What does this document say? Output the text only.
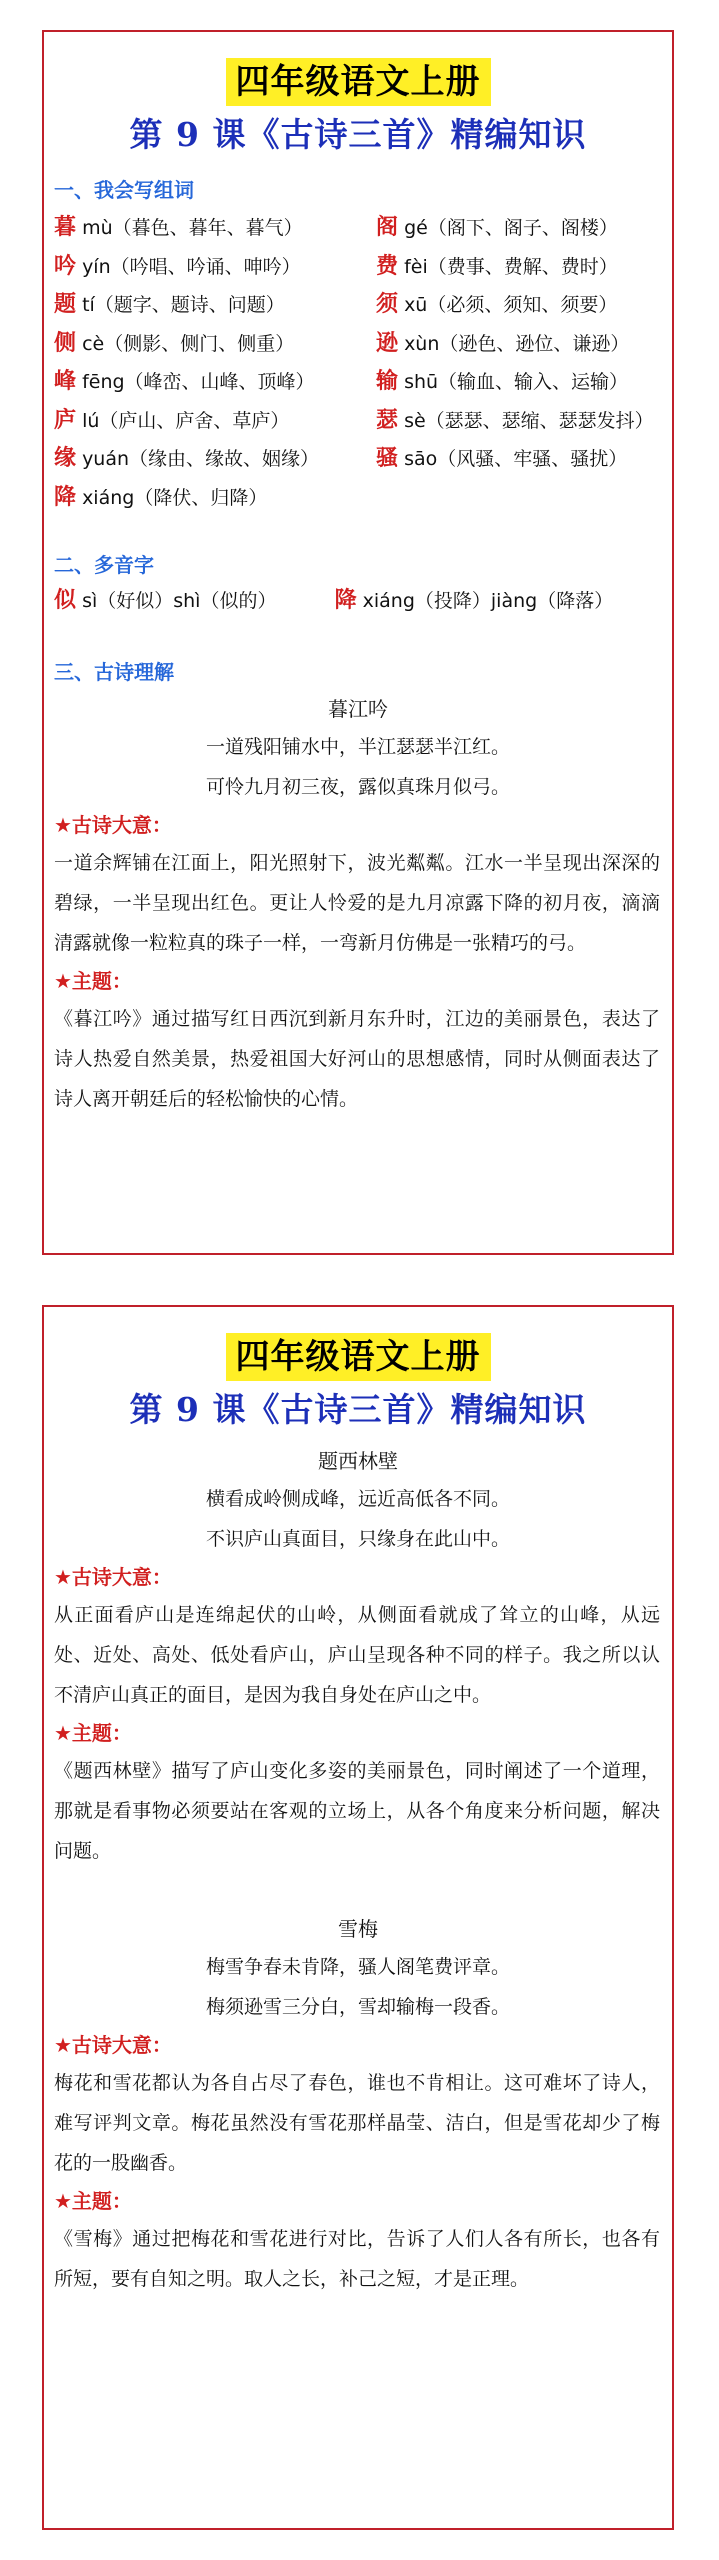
四年级语文上册
第 9 课《古诗三首》精编知识
一、我会写组词
暮 mù（暮色、暮年、暮气）
吟 yín（吟唱、吟诵、呻吟）
题 tí（题字、题诗、问题）
侧 cè（侧影、侧门、侧重）
峰 fēng（峰峦、山峰、顶峰）
庐 lú（庐山、庐舍、草庐）
缘 yuán（缘由、缘故、姻缘）
降 xiáng（降伏、归降）
阁 gé（阁下、阁子、阁楼）
费 fèi（费事、费解、费时）
须 xū（必须、须知、须要）
逊 xùn（逊色、逊位、谦逊）
输 shū（输血、输入、运输）
瑟 sè（瑟瑟、瑟缩、瑟瑟发抖）
骚 sāo（风骚、牢骚、骚扰）
二、多音字
似 sì（好似）shì（似的）	降 xiáng（投降）jiàng（降落）
三、古诗理解
暮江吟
一道残阳铺水中，半江瑟瑟半江红。
可怜九月初三夜，露似真珠月似弓。
★古诗大意：
一道余辉铺在江面上，阳光照射下，波光粼粼。江水一半呈现出深深的碧绿，一半呈现出红色。更让人怜爱的是九月凉露下降的初月夜，滴滴清露就像一粒粒真的珠子一样，一弯新月仿佛是一张精巧的弓。
★主题：
《暮江吟》通过描写红日西沉到新月东升时，江边的美丽景色，表达了诗人热爱自然美景，热爱祖国大好河山的思想感情，同时从侧面表达了诗人离开朝廷后的轻松愉快的心情。
四年级语文上册
第 9 课《古诗三首》精编知识
题西林壁
横看成岭侧成峰，远近高低各不同。
不识庐山真面目，只缘身在此山中。
★古诗大意：
从正面看庐山是连绵起伏的山岭，从侧面看就成了耸立的山峰，从远处、近处、高处、低处看庐山，庐山呈现各种不同的样子。我之所以认不清庐山真正的面目，是因为我自身处在庐山之中。
★主题：
《题西林壁》描写了庐山变化多姿的美丽景色，同时阐述了一个道理，那就是看事物必须要站在客观的立场上，从各个角度来分析问题，解决问题。
雪梅
梅雪争春未肯降，骚人阁笔费评章。
梅须逊雪三分白，雪却输梅一段香。
★古诗大意：
梅花和雪花都认为各自占尽了春色，谁也不肯相让。这可难坏了诗人，难写评判文章。梅花虽然没有雪花那样晶莹、洁白，但是雪花却少了梅花的一股幽香。
★主题：
《雪梅》通过把梅花和雪花进行对比，告诉了人们人各有所长，也各有所短，要有自知之明。取人之长，补己之短，才是正理。
